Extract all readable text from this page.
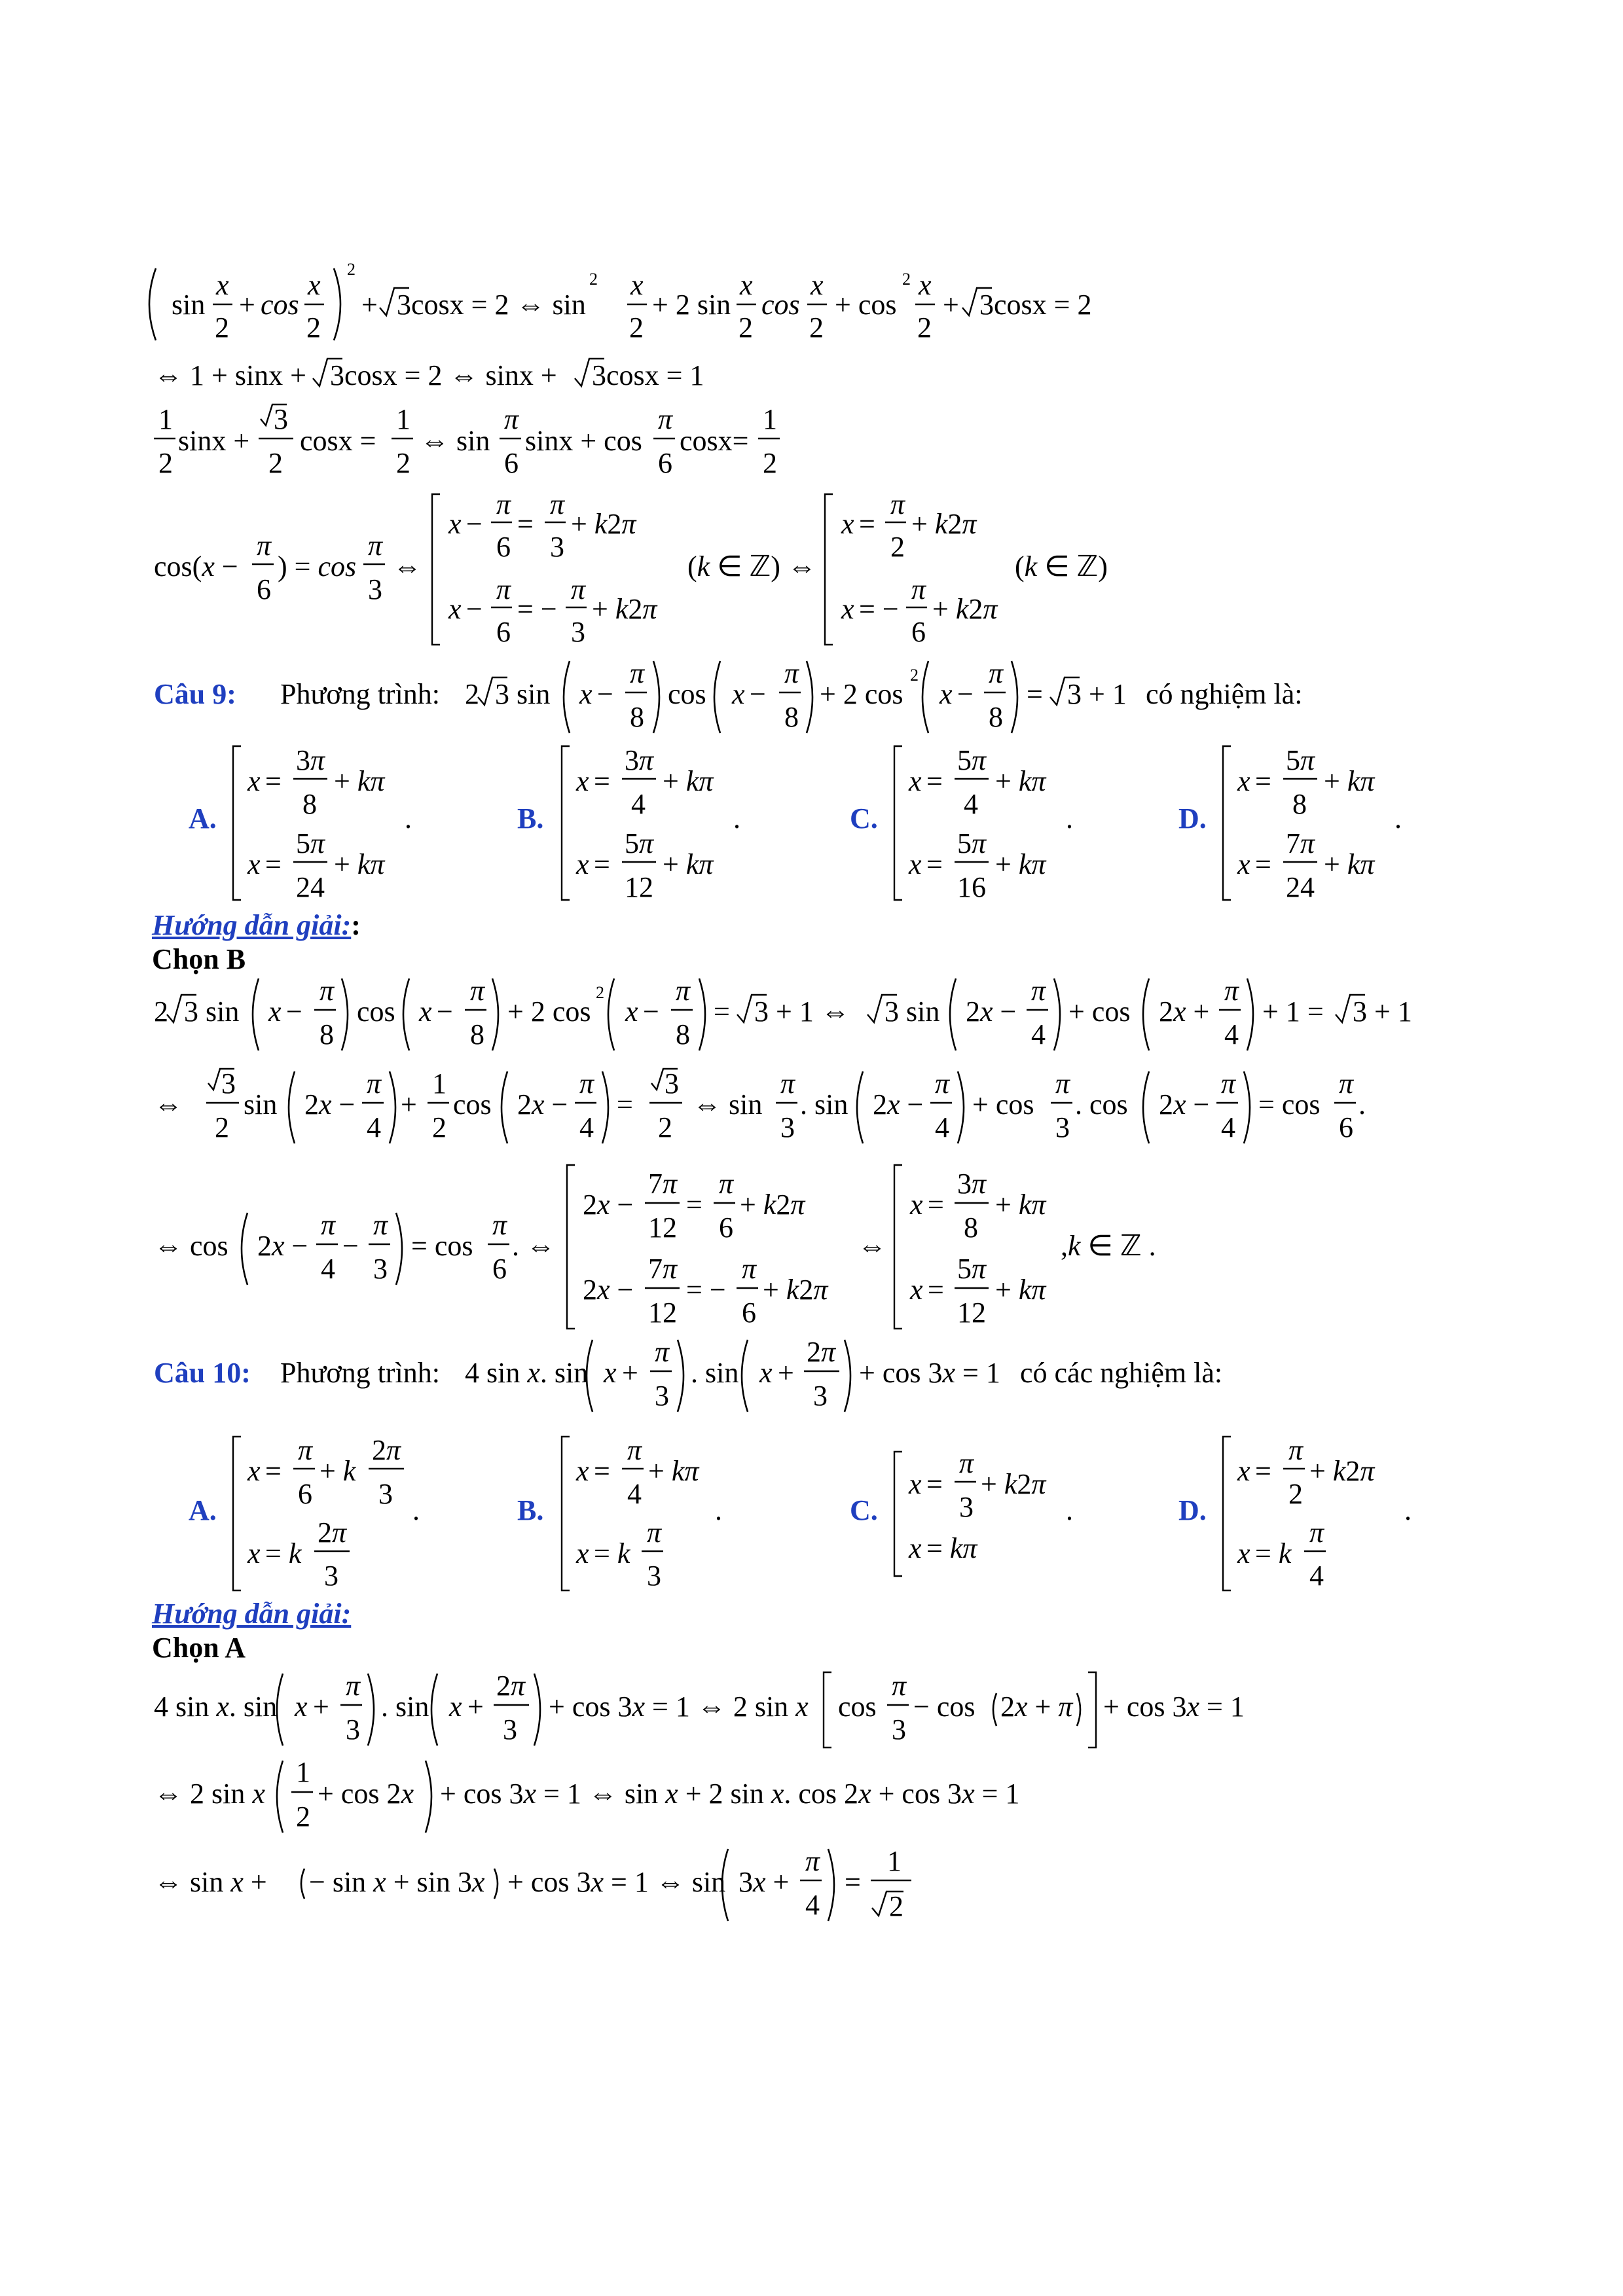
sin
x
2
+ cos
x
2
2
+ 3cosx = 2 ⇔ sin
2 x
2
+ 2 sin
x
2
cos
x
2
+ cos
2 x
2
+ 3cosx = 2
⇔ 1 + sinx + 3cosx = 2 ⇔ sinx + 3cosx = 1
1
2
sinx +
3
2
cosx =
1
2
⇔ sin
π
6
sinx + cos
π
6
cosx=
1
2
cos(x −
π
6
) = cos
π
3
⇔
x −
π
6
=
π
3
+ k2π
x −
π
6
= −
π
3
+ k2π
(k ∈ ℤ) ⇔
x =
π
2
+ k2π
x = −
π
6
+ k2π
(k ∈ ℤ)
Câu 9: Phương trình: 2 3 sin x −
π
8
cos x −
π
8
+ 2 cos
2
x −
π
8
= 3 + 1 có nghiệm là:
A.
x =
3π
8
+ kπ
x =
5π
24
+ kπ
.	B.
x =
3π
4
+ kπ
x =
5π
12
+ kπ
.	C.
x =
5π
4
+ kπ
x =
5π
16
+ kπ
.	D.
x =
5π
8
+ kπ
x =
7π
24
+ kπ
.
2 3 sin x −
π
8
cos x −
π
8
+ 2 cos
2
x −
π
8
= 3 + 1 ⇔ 3 sin 2x −
π
4
+ cos 2x +
π
4
+ 1 = 3 + 1
⇔
3
2
sin 2x −
π
4
+
1
2
cos 2x −
π
4
=
3
2
⇔ sin
π
3
. sin 2x −
π
4
+ cos
π
3
. cos 2x −
π
4
= cos
π
6
.
⇔ cos 2x −
π
4
−
π
3
= cos
π
6
. ⇔
2x −
7π
12
=
π
6
+ k2π
2x −
7π
12
= −
π
6
+ k2π
⇔
x =
3π
8
+ kπ
x =
5π
12
+ kπ
,k ∈ ℤ .
Câu 10: Phương trình: 4 sin x. sin x +
π
3
. sin x +
2π
3
+ cos 3x = 1 có các nghiệm là:
A.
x =
π
6
+ k
2π
3
x = k
2π
3
.	B.
x =
π
4
+ kπ
x = k
π
3
.	C.
x =
π
3
+ k2π
x = kπ
.	D.
x =
π
2
+ k2π
x = k
π
4
.
4 sin x. sin x +
π
3
. sin x +
2π
3
+ cos 3x = 1 ⇔ 2 sin x cos
π
3
− cos 2x + π + cos 3x = 1
⇔ 2 sin x
1
2
+ cos 2x + cos 3x = 1 ⇔ sin x + 2 sin x. cos 2x + cos 3x = 1
⇔ sin x + − sin x + sin 3x + cos 3x = 1 ⇔ sin 3x +
π
4
=
1
2
Hướng dẫn giải::
Chọn B
Hướng dẫn giải:
Chọn A
